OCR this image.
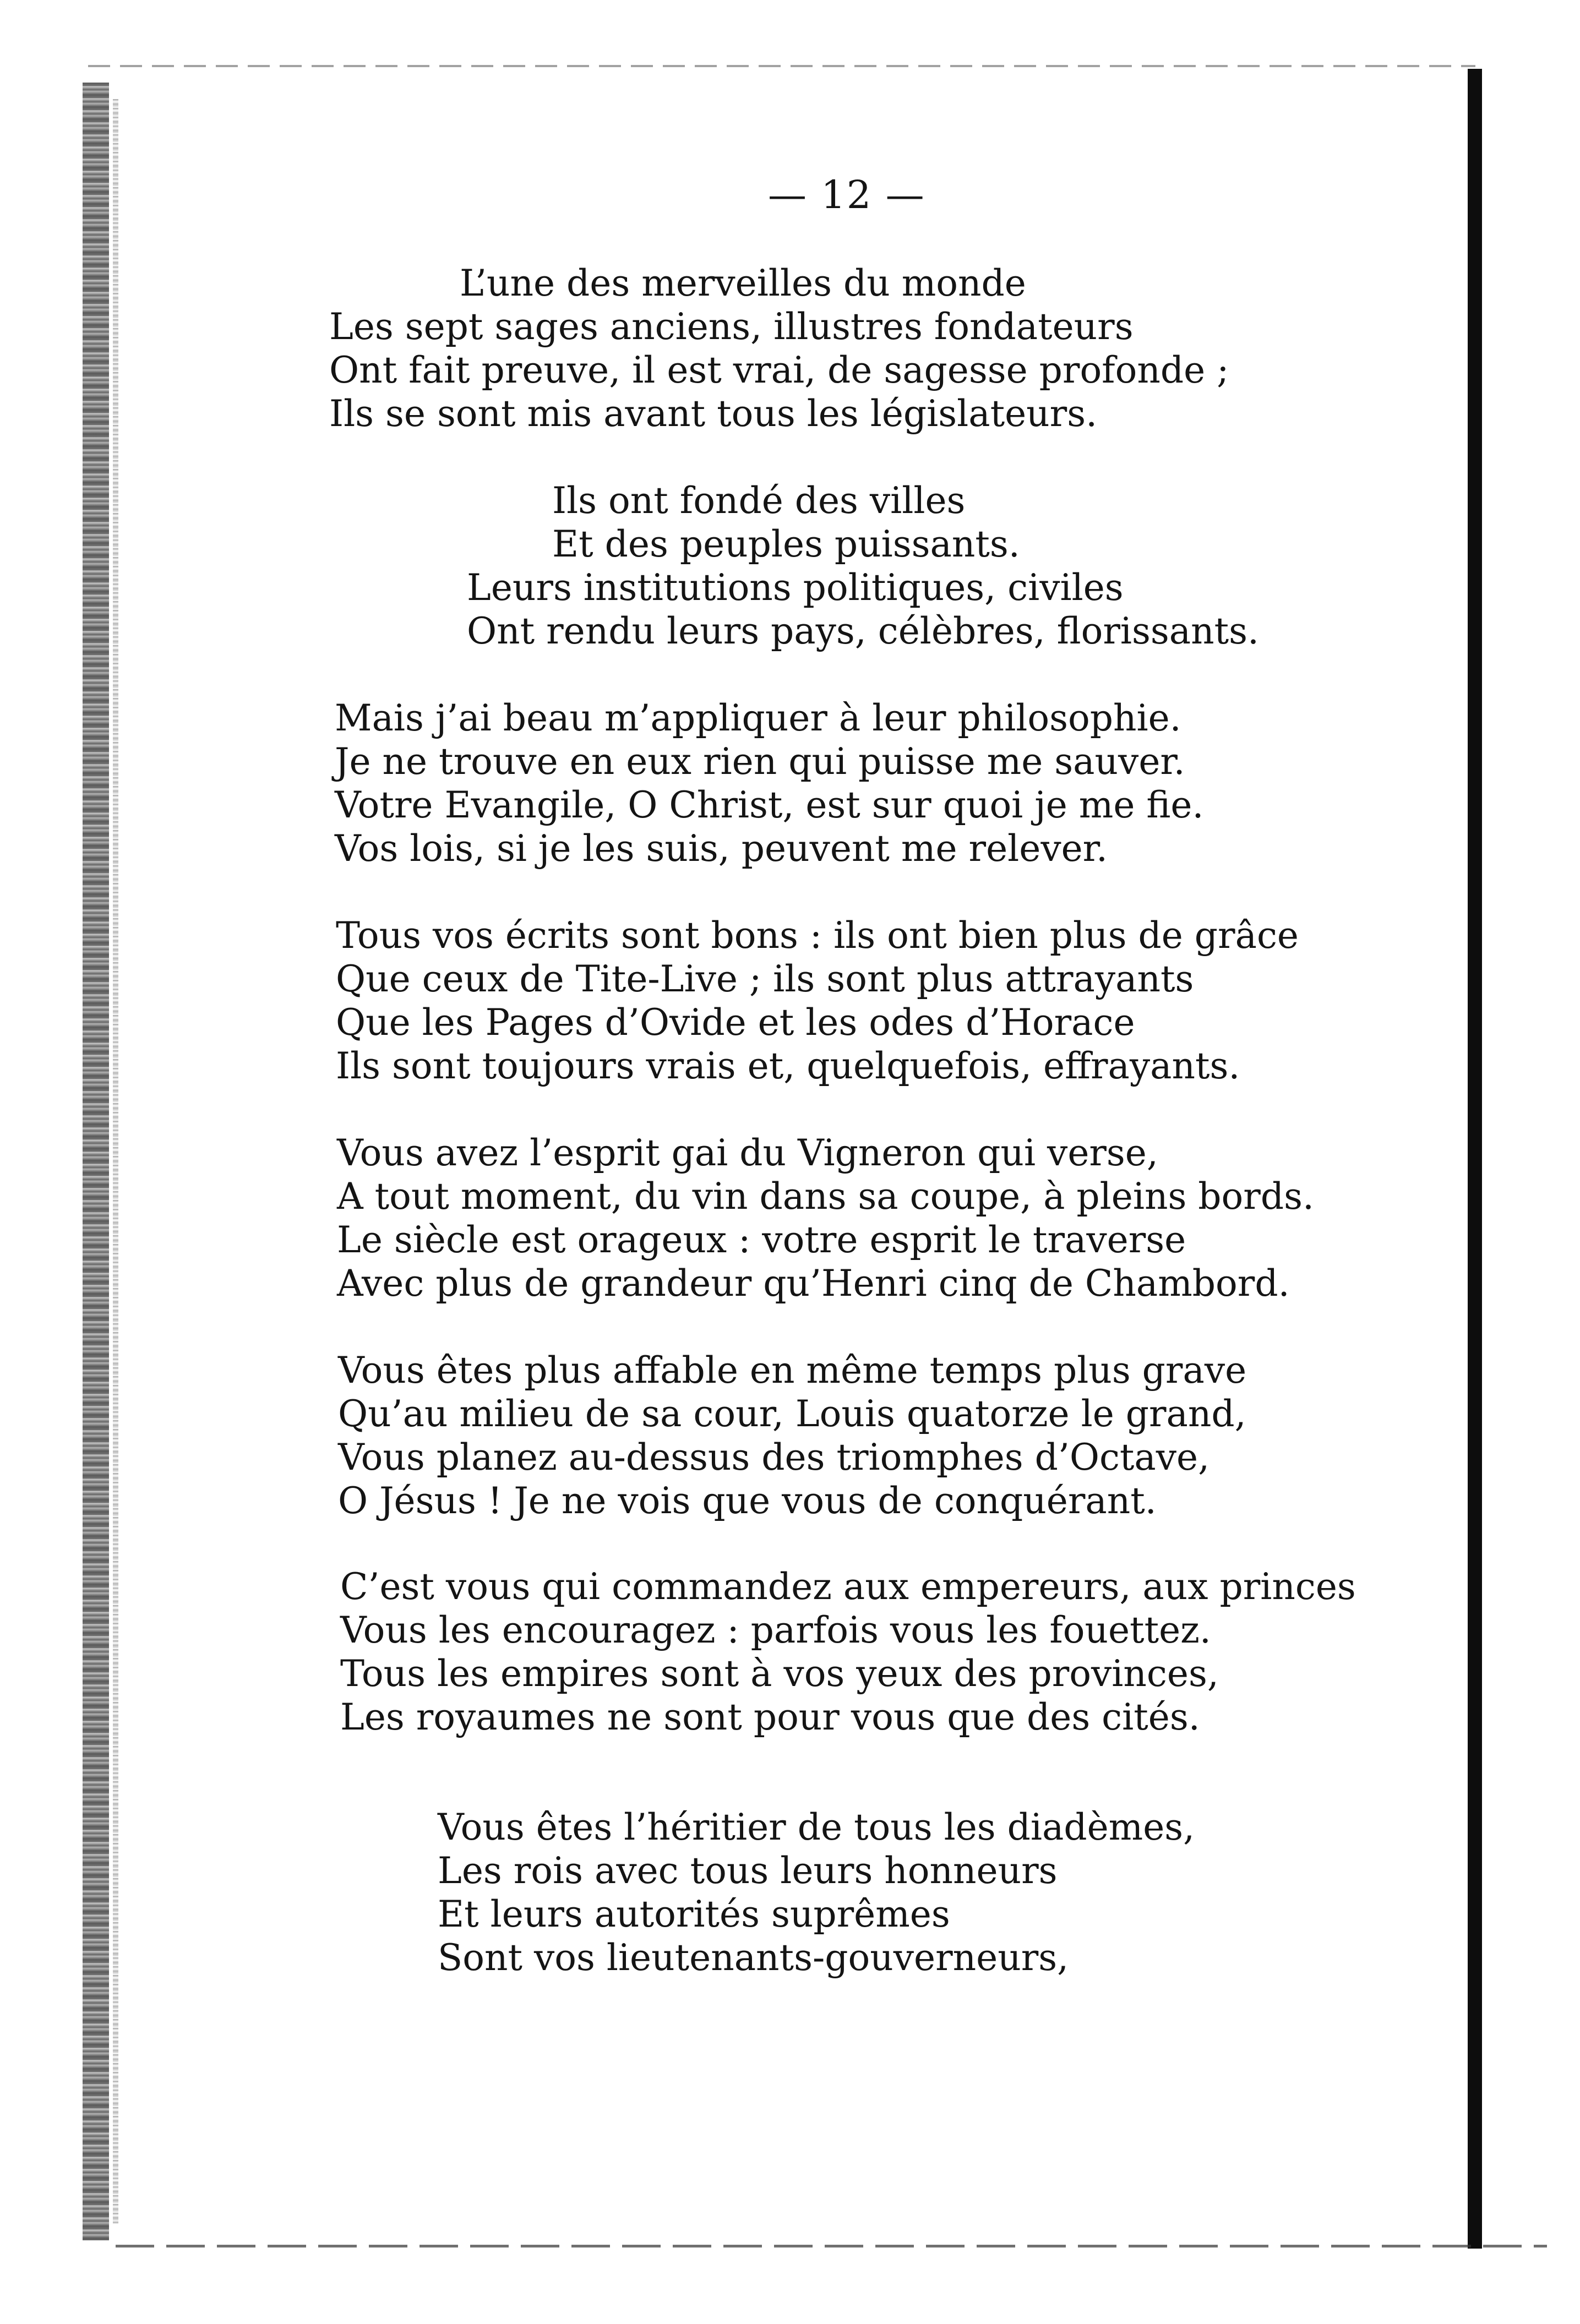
— 12 —

L’une des merveilles du monde

Les sept sages anciens, illustres fondateurs
Ont fait preuve, il est vrai, de sagesse profonde ;
Ils se sont mis avant tous les législateurs.

Ils ont fondé des villes
Et des peuples puissants.

Leurs institutions politiques, civiles
Ont rendu leurs pays, célèbres, florissants.

Mais j’ai beau m’appliquer à leur philosophie.
Je ne trouve en eux rien qui puisse me sauver.
Votre Evangile, O Christ, est sur quoi je me fie.
Vos lois, si je les suis, peuvent me relever.

Tous vos écrits sont bons : ils ont bien plus de grâce
Que ceux de Tite-Live ; ils sont plus attrayants
Que les Pages d’Ovide et les odes d’Horace
Ils sont toujours vrais et, quelquefois, effrayants.

Vous avez l’esprit gai du Vigneron qui verse,
A tout moment, du vin dans sa coupe, à pleins bords.
Le siècle est orageux : votre esprit le traverse
Avec plus de grandeur qu’Henri cinq de Chambord.

Vous êtes plus affable en même temps plus grave
Qu’au milieu de sa cour, Louis quatorze le grand,
Vous planez au-dessus des triomphes d’Octave,
O Jésus ! Je ne vois que vous de conquérant.

C’est vous qui commandez aux empereurs, aux princes
Vous les encouragez : parfois vous les fouettez.
Tous les empires sont à vos yeux des provinces,
Les royaumes ne sont pour vous que des cités.

Vous êtes l’héritier de tous les diadèmes,
Les rois avec tous leurs honneurs
Et leurs autorités suprêmes
Sont vos lieutenants-gouverneurs,
